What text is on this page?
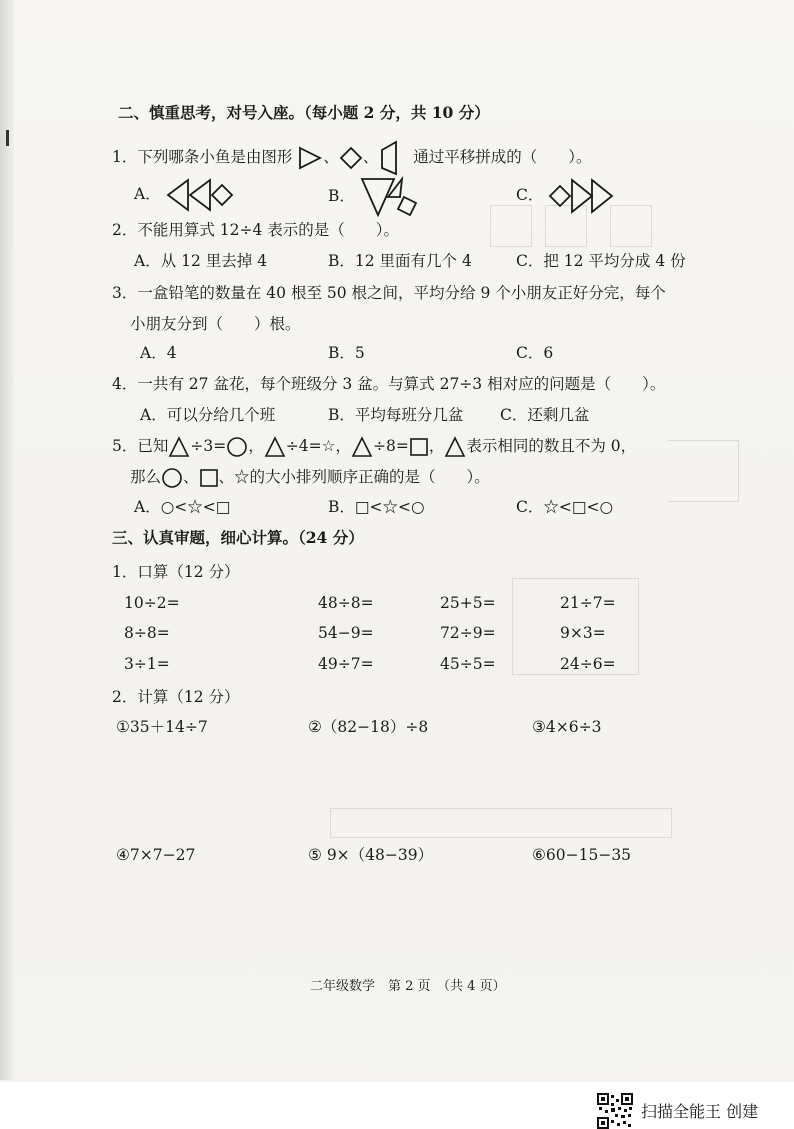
二、慎重思考，对号入座。（每小题 2 分，共 10 分）
1．下列哪条小鱼是由图形 、 、 通过平移拼成的（　　）。
A．	B．	C．
2．不能用算式 12÷4 表示的是（　　）。
A．从 12 里去掉 4	B．12 里面有几个 4	C．把 12 平均分成 4 份
3．一盒铅笔的数量在 40 根至 50 根之间，平均分给 9 个小朋友正好分完，每个
小朋友分到（　　）根。
A．4	B．5	C．6
4．一共有 27 盆花，每个班级分 3 盆。与算式 27÷3 相对应的问题是（　　）。
A．可以分给几个班	B．平均每班分几盆 C．还剩几盆
5．已知 ÷3= ， ÷4=☆， ÷8= ， 表示相同的数且不为 0，
那么 、 、☆的大小排列顺序正确的是（　　）。
A．○<☆<□	B．□<☆<○	C．☆<□<○
三、认真审题，细心计算。（24 分）
1．口算（12 分）
10÷2=	48÷8=	25+5=	21÷7=
8÷8=	54−9=	72÷9=	9×3=
3÷1=	49÷7=	45÷5=	24÷6=
2．计算（12 分）
①35＋14÷7	②（82−18）÷8	③4×6÷3
④7×7−27	⑤ 9×（48−39）	⑥60−15−35
二年级数学　第 2 页　（共 4 页）
扫描全能王 创建
